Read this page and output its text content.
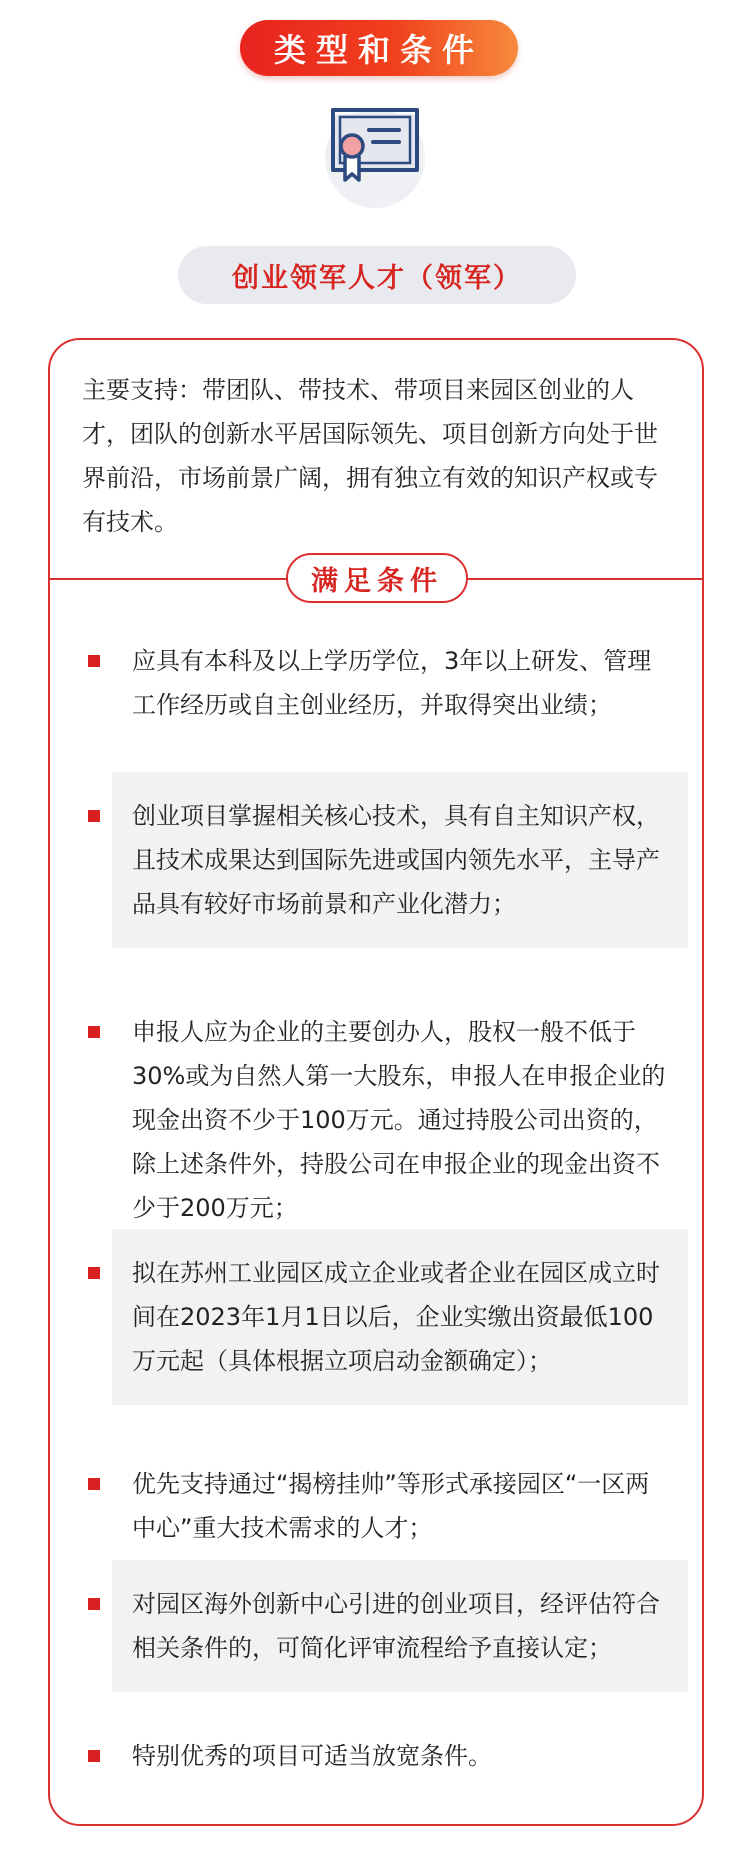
类型和条件
创业领军人才（领军）
主要支持：带团队、带技术、带项目来园区创业的人才，团队的创新水平居国际领先、项目创新方向处于世界前沿，市场前景广阔，拥有独立有效的知识产权或专有技术。
满足条件
应具有本科及以上学历学位，3年以上研发、管理工作经历或自主创业经历，并取得突出业绩；
创业项目掌握相关核心技术，具有自主知识产权，且技术成果达到国际先进或国内领先水平，主导产品具有较好市场前景和产业化潜力；
申报人应为企业的主要创办人，股权一般不低于30%或为自然人第一大股东，申报人在申报企业的现金出资不少于100万元。通过持股公司出资的，除上述条件外，持股公司在申报企业的现金出资不少于200万元；
拟在苏州工业园区成立企业或者企业在园区成立时间在2023年1月1日以后，企业实缴出资最低100万元起（具体根据立项启动金额确定）；
优先支持通过“揭榜挂帅”等形式承接园区“一区两中心”重大技术需求的人才；
对园区海外创新中心引进的创业项目，经评估符合相关条件的，可简化评审流程给予直接认定；
特别优秀的项目可适当放宽条件。
